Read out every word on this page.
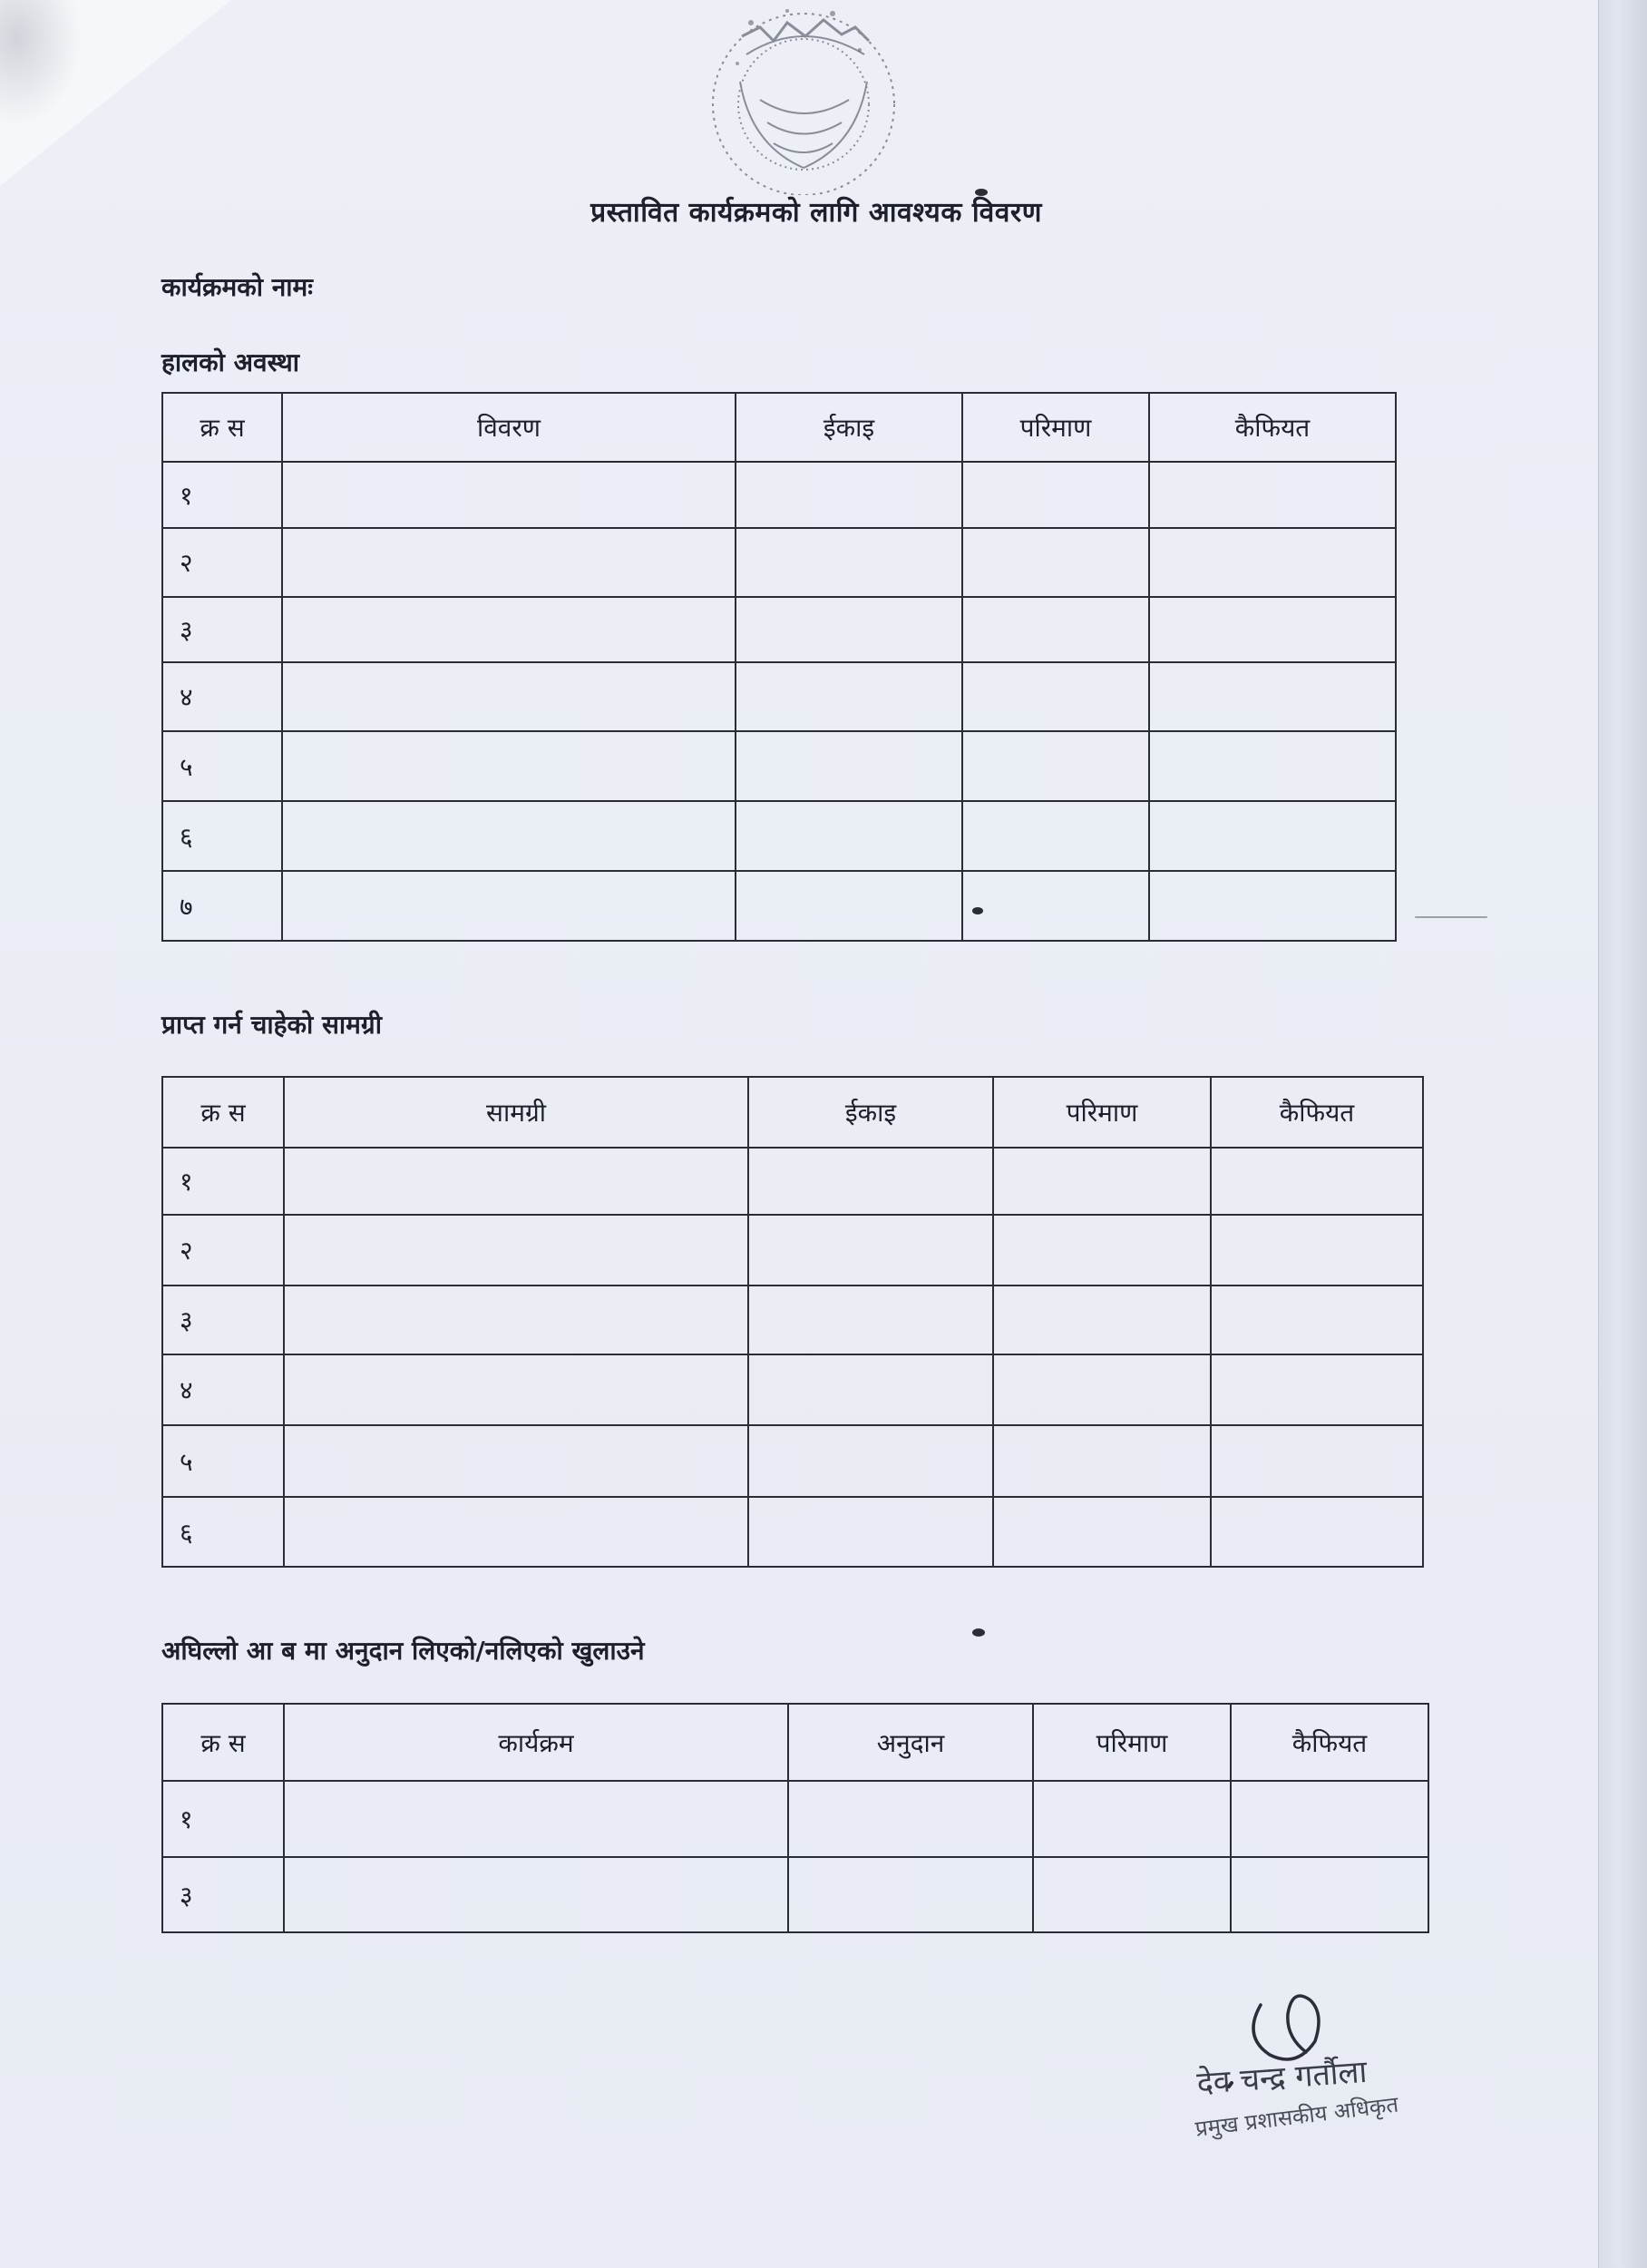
प्रस्तावित कार्यक्रमको लागि आवश्यक विवरण
कार्यक्रमको नामः
हालको अवस्था
क्र स	विवरण	ईकाइ	परिमाण	कैफियत
१				
२				
३				
४				
५				
६				
७				
प्राप्त गर्न चाहेको सामग्री
क्र स	सामग्री	ईकाइ	परिमाण	कैफियत
१				
२				
३				
४				
५				
६				
अघिल्लो आ ब मा अनुदान लिएको/नलिएको खुलाउने
क्र स	कार्यक्रम	अनुदान	परिमाण	कैफियत
१				
३				
देव चन्द्र गर्तौला
प्रमुख प्रशासकीय अधिकृत
